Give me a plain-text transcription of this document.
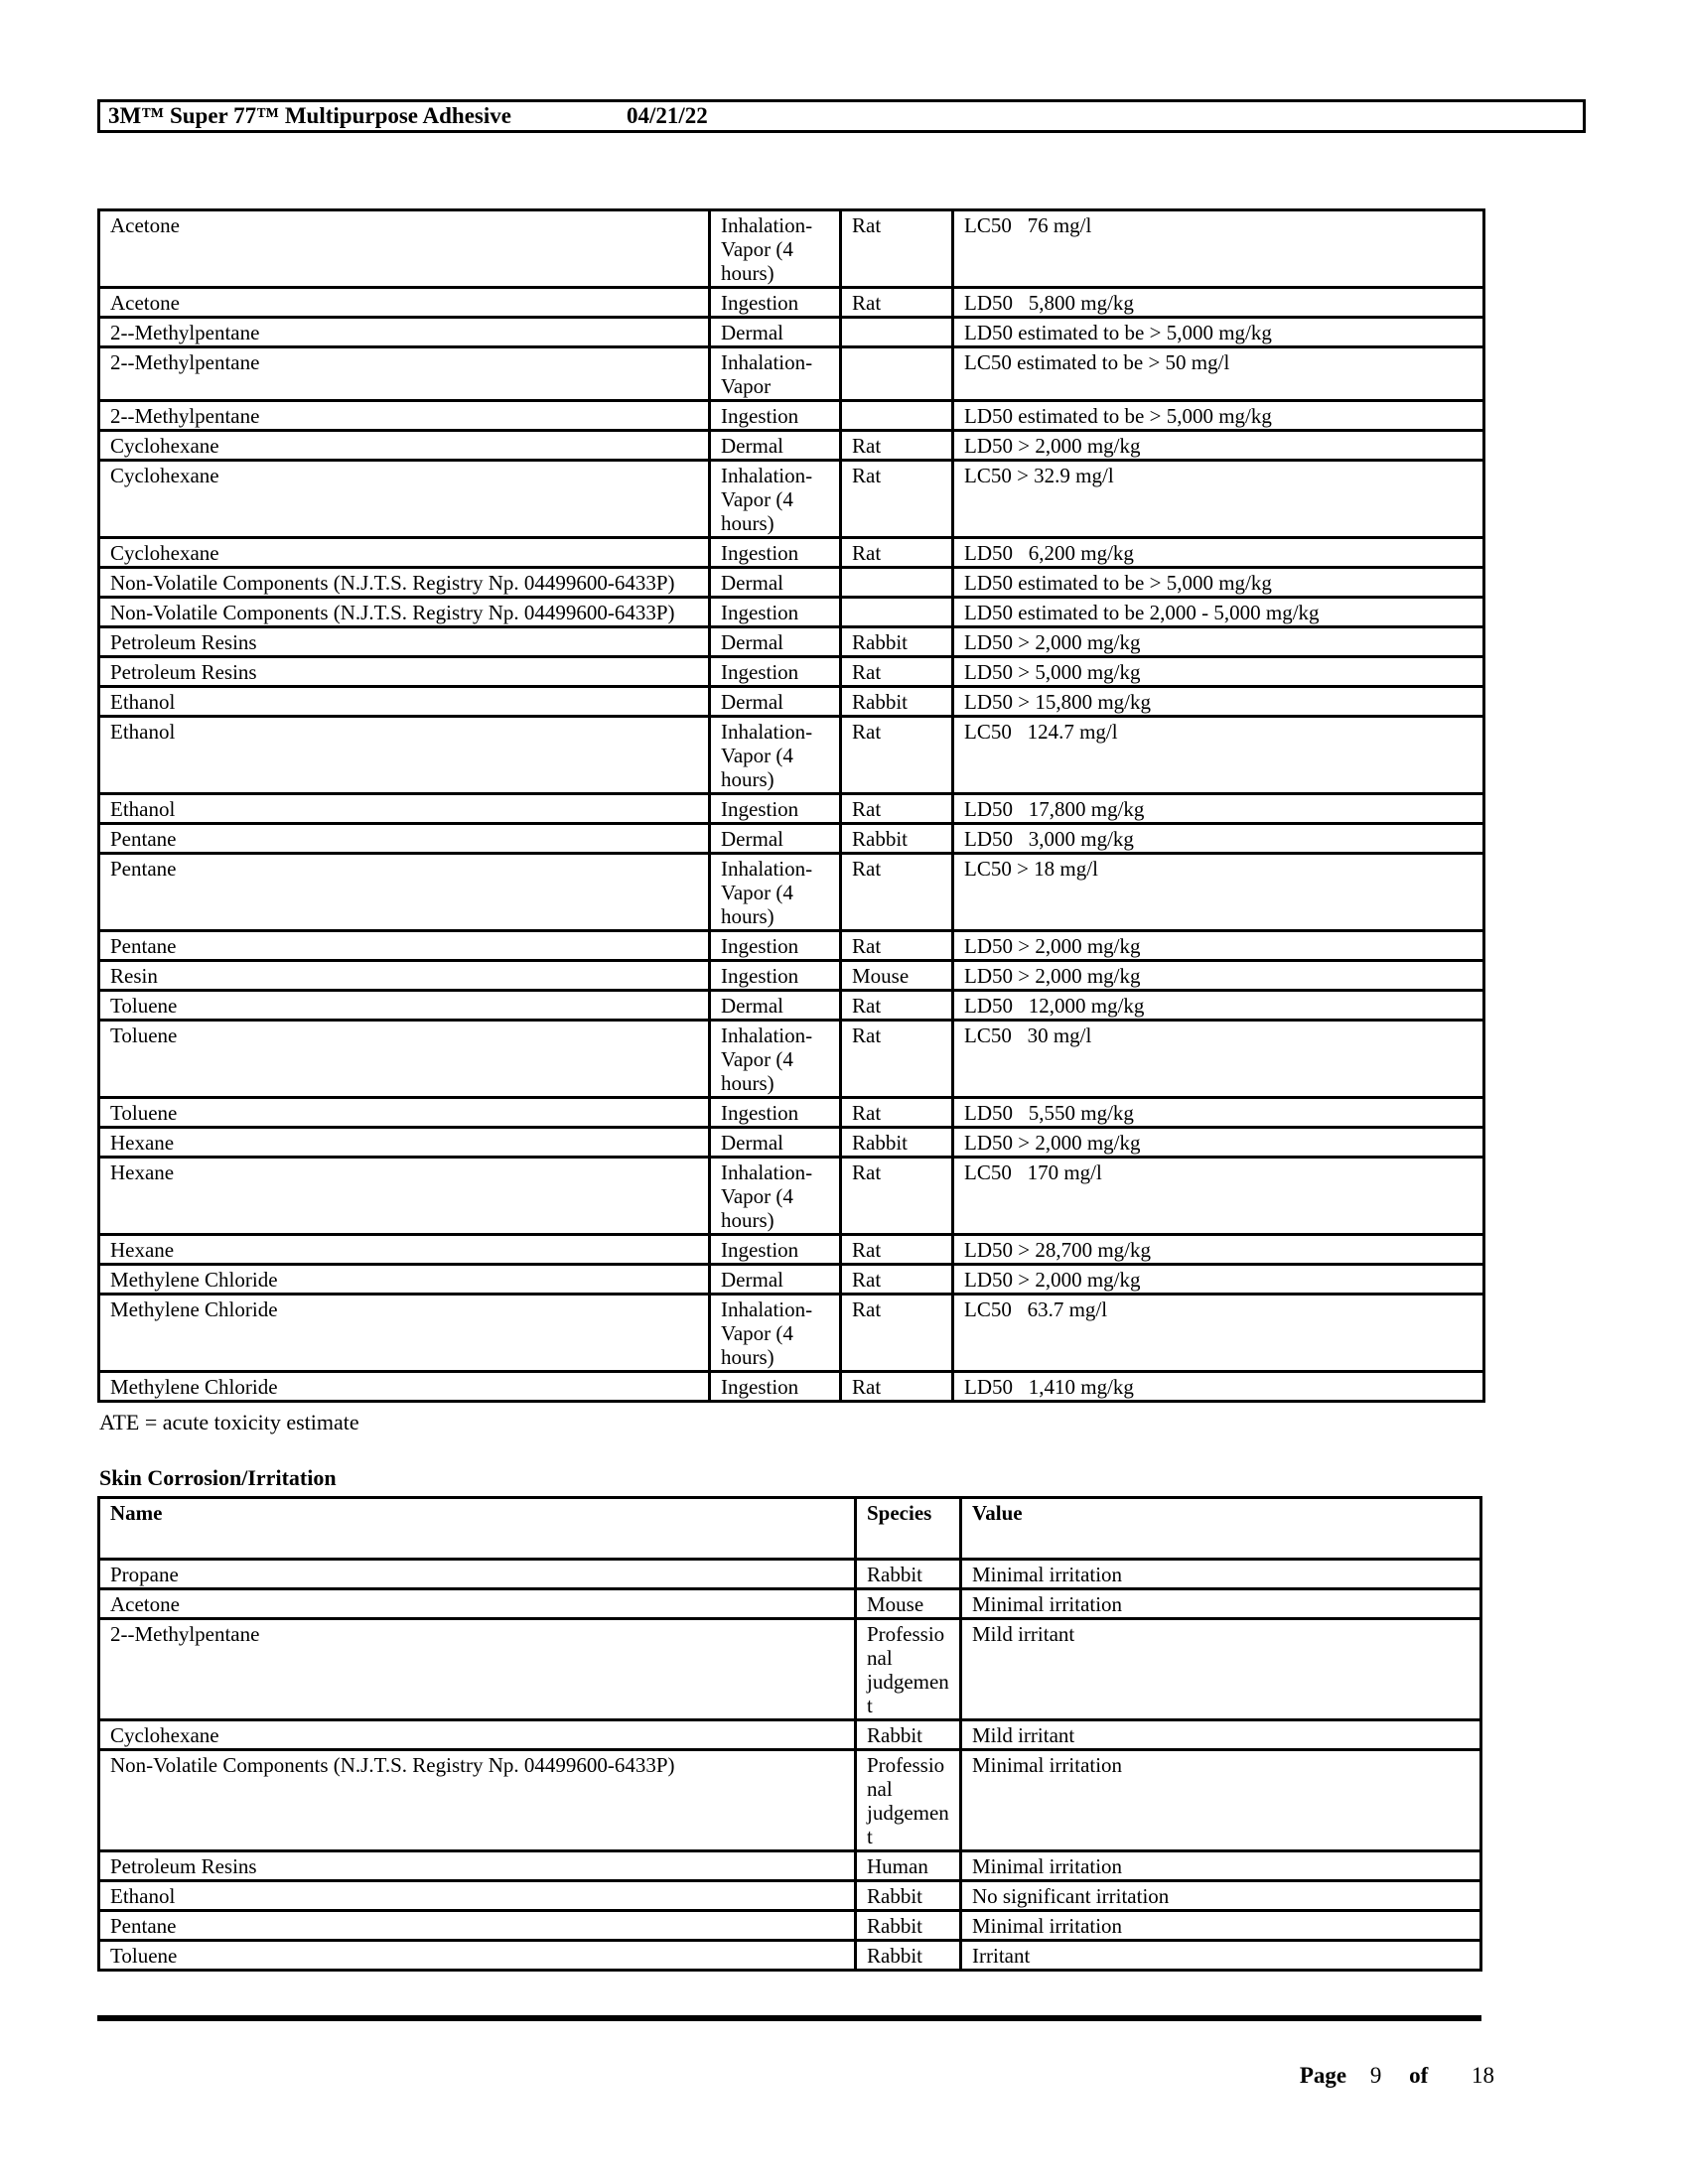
3M™ Super 77™ Multipurpose Adhesive	04/21/22
Acetone	Inhalation-Vapor (4 hours)	Rat	LC50   76 mg/l
Acetone	Ingestion	Rat	LD50   5,800 mg/kg
2--Methylpentane	Dermal		LD50 estimated to be > 5,000 mg/kg
2--Methylpentane	Inhalation-Vapor		LC50 estimated to be > 50 mg/l
2--Methylpentane	Ingestion		LD50 estimated to be > 5,000 mg/kg
Cyclohexane	Dermal	Rat	LD50 > 2,000 mg/kg
Cyclohexane	Inhalation-Vapor (4 hours)	Rat	LC50 > 32.9 mg/l
Cyclohexane	Ingestion	Rat	LD50   6,200 mg/kg
Non-Volatile Components (N.J.T.S. Registry Np. 04499600-6433P)	Dermal		LD50 estimated to be > 5,000 mg/kg
Non-Volatile Components (N.J.T.S. Registry Np. 04499600-6433P)	Ingestion		LD50 estimated to be 2,000 - 5,000 mg/kg
Petroleum Resins	Dermal	Rabbit	LD50 > 2,000 mg/kg
Petroleum Resins	Ingestion	Rat	LD50 > 5,000 mg/kg
Ethanol	Dermal	Rabbit	LD50 > 15,800 mg/kg
Ethanol	Inhalation-Vapor (4 hours)	Rat	LC50   124.7 mg/l
Ethanol	Ingestion	Rat	LD50   17,800 mg/kg
Pentane	Dermal	Rabbit	LD50   3,000 mg/kg
Pentane	Inhalation-Vapor (4 hours)	Rat	LC50 > 18 mg/l
Pentane	Ingestion	Rat	LD50 > 2,000 mg/kg
Resin	Ingestion	Mouse	LD50 > 2,000 mg/kg
Toluene	Dermal	Rat	LD50   12,000 mg/kg
Toluene	Inhalation-Vapor (4 hours)	Rat	LC50   30 mg/l
Toluene	Ingestion	Rat	LD50   5,550 mg/kg
Hexane	Dermal	Rabbit	LD50 > 2,000 mg/kg
Hexane	Inhalation-Vapor (4 hours)	Rat	LC50   170 mg/l
Hexane	Ingestion	Rat	LD50 > 28,700 mg/kg
Methylene Chloride	Dermal	Rat	LD50 > 2,000 mg/kg
Methylene Chloride	Inhalation-Vapor (4 hours)	Rat	LC50   63.7 mg/l
Methylene Chloride	Ingestion	Rat	LD50   1,410 mg/kg
ATE = acute toxicity estimate
Skin Corrosion/Irritation
Name	Species	Value
Propane	Rabbit	Minimal irritation
Acetone	Mouse	Minimal irritation
2--Methylpentane	Professional judgement	Mild irritant
Cyclohexane	Rabbit	Mild irritant
Non-Volatile Components (N.J.T.S. Registry Np. 04499600-6433P)	Professional judgement	Minimal irritation
Petroleum Resins	Human	Minimal irritation
Ethanol	Rabbit	No significant irritation
Pentane	Rabbit	Minimal irritation
Toluene	Rabbit	Irritant
Page 9 of 18
